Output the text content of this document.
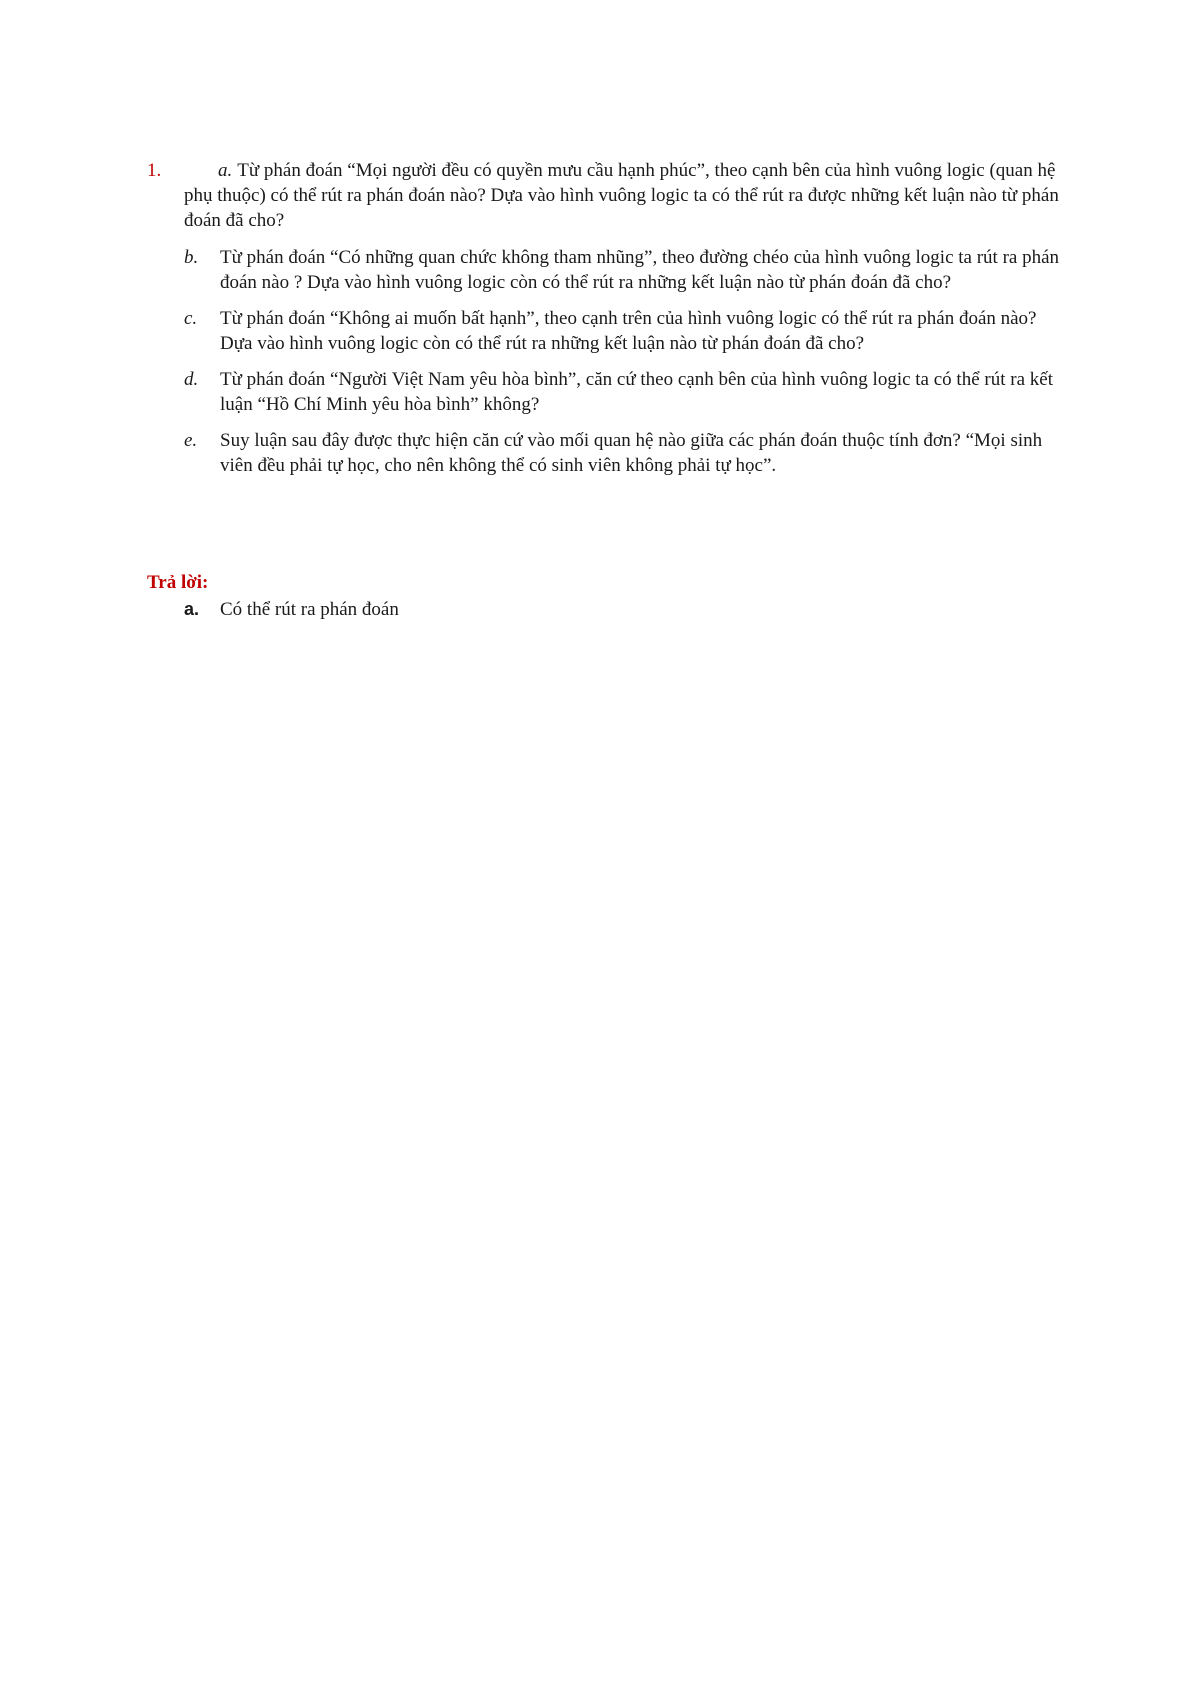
1.	a. Từ phán đoán “Mọi người đều có quyền mưu cầu hạnh phúc”, theo cạnh bên của hình vuông logic (quan hệ phụ thuộc) có thể rút ra phán đoán nào? Dựa vào hình vuông logic ta có thể rút ra được những kết luận nào từ phán đoán đã cho?

b. Từ phán đoán “Có những quan chức không tham nhũng”, theo đường chéo của hình vuông logic ta rút ra phán đoán nào ? Dựa vào hình vuông logic còn có thể rút ra những kết luận nào từ phán đoán đã cho?
c. Từ phán đoán “Không ai muốn bất hạnh”, theo cạnh trên của hình vuông logic có thể rút ra phán đoán nào? Dựa vào hình vuông logic còn có thể rút ra những kết luận nào từ phán đoán đã cho?
d. Từ phán đoán “Người Việt Nam yêu hòa bình”, căn cứ theo cạnh bên của hình vuông logic ta có thể rút ra kết luận “Hồ Chí Minh yêu hòa bình” không?
e. Suy luận sau đây được thực hiện căn cứ vào mối quan hệ nào giữa các phán đoán thuộc tính đơn? “Mọi sinh viên đều phải tự học, cho nên không thể có sinh viên không phải tự học”.
Trả lời:
a. Có thể rút ra phán đoán
